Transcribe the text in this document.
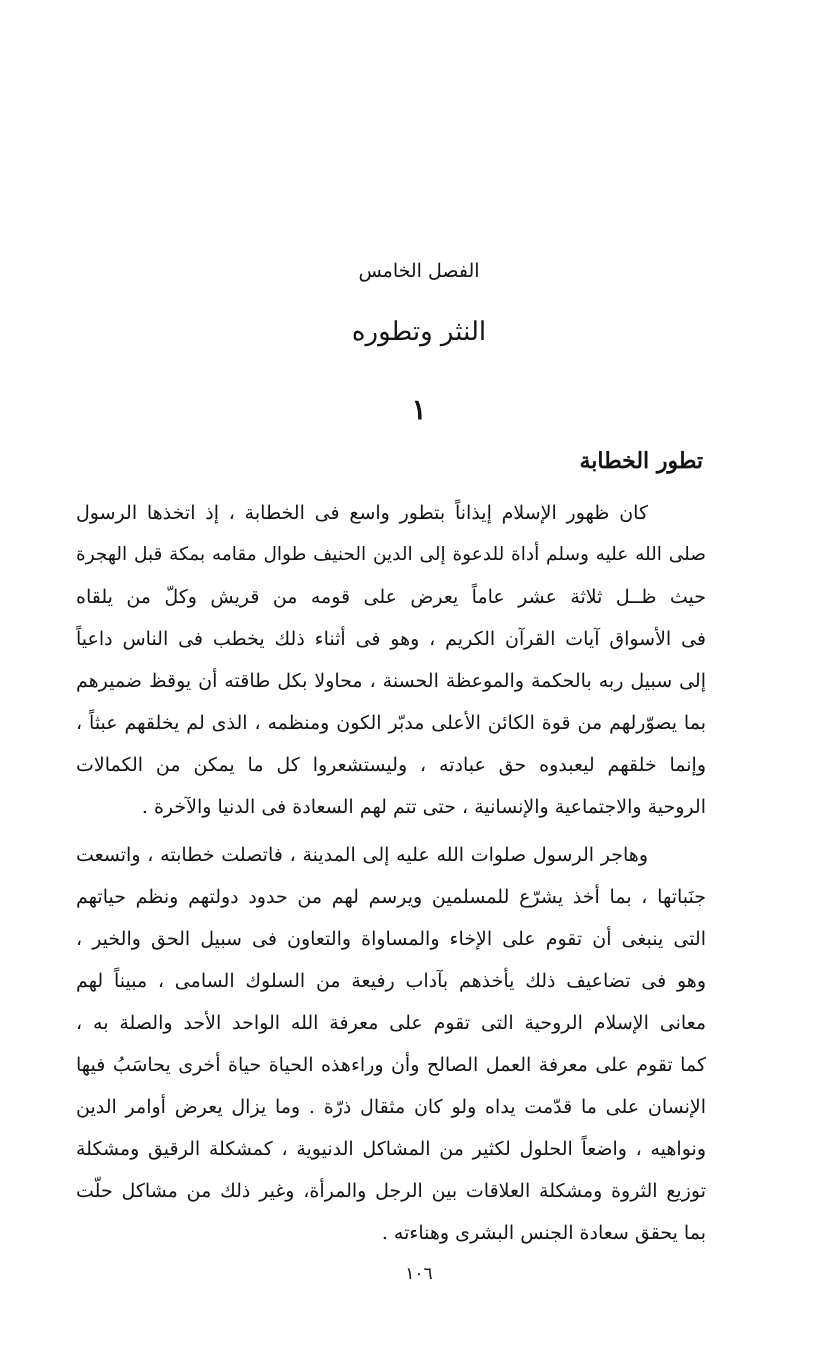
الفصل الخامس
النثر وتطوره
١
تطور الخطابة
كان ظهور الإسلام إيذاناً بتطور واسع فى الخطابة ، إذ اتخذها الرسول
صلى الله عليه وسلم أداة للدعوة إلى الدين الحنيف طوال مقامه بمكة قبل الهجرة
حيث ظــل ثلاثة عشر عاماً يعرض على قومه من قريش وكلّ من يلقاه
فى الأسواق آيات القرآن الكريم ، وهو فى أثناء ذلك يخطب فى الناس داعياً
إلى سبيل ربه بالحكمة والموعظة الحسنة ، محاولا بكل طاقته أن يوقظ ضميرهم
بما يصوّرلهم من قوة الكائن الأعلى مدبّر الكون ومنظمه ، الذى لم يخلقهم عبثاً ،
وإنما خلقهم ليعبدوه حق عبادته ، وليستشعروا كل ما يمكن من الكمالات
الروحية والاجتماعية والإنسانية ، حتى تتم لهم السعادة فى الدنيا والآخرة .
وهاجر الرسول صلوات الله عليه إلى المدينة ، فاتصلت خطابته ، واتسعت
جنَباتها ، بما أخذ يشرّع للمسلمين ويرسم لهم من حدود دولتهم ونظم حياتهم
التى ينبغى أن تقوم على الإخاء والمساواة والتعاون فى سبيل الحق والخير ،
وهو فى تضاعيف ذلك يأخذهم بآداب رفيعة من السلوك السامى ، مبيناً لهم
معانى الإسلام الروحية التى تقوم على معرفة الله الواحد الأحد والصلة به ،
كما تقوم على معرفة العمل الصالح وأن وراءهذه الحياة حياة أخرى يحاسَبُ فيها
الإنسان على ما قدّمت يداه ولو كان مثقال ذرّة . وما يزال يعرض أوامر الدين
ونواهيه ، واضعاً الحلول لكثير من المشاكل الدنيوية ، كمشكلة الرقيق ومشكلة
توزيع الثروة ومشكلة العلاقات بين الرجل والمرأة، وغير ذلك من مشاكل حلّت
بما يحقق سعادة الجنس البشرى وهناءته .
١٠٦
